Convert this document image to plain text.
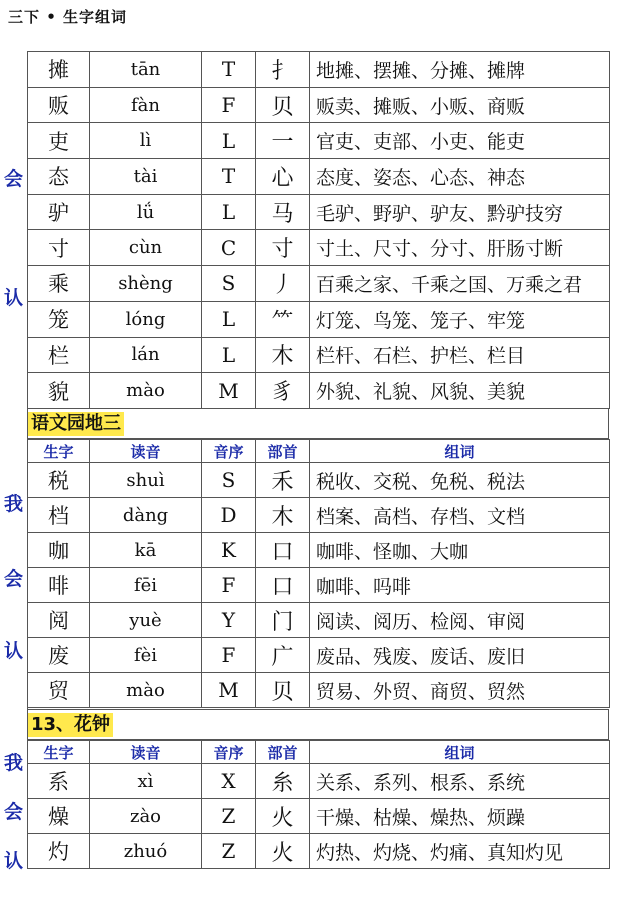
三下 • 生字组词
会
认
摊	tān	T	扌	地摊、摆摊、分摊、摊牌
贩	fàn	F	贝	贩卖、摊贩、小贩、商贩
吏	lì	L	一	官吏、吏部、小吏、能吏
态	tài	T	心	态度、姿态、心态、神态
驴	lǘ	L	马	毛驴、野驴、驴友、黔驴技穷
寸	cùn	C	寸	寸土、尺寸、分寸、肝肠寸断
乘	shèng	S	丿	百乘之家、千乘之国、万乘之君
笼	lóng	L	⺮	灯笼、鸟笼、笼子、牢笼
栏	lán	L	木	栏杆、石栏、护栏、栏目
貌	mào	M	豸	外貌、礼貌、风貌、美貌
语文园地三
我
会
认
生字	读音	音序	部首	组词
税	shuì	S	禾	税收、交税、免税、税法
档	dàng	D	木	档案、高档、存档、文档
咖	kā	K	口	咖啡、怪咖、大咖
啡	fēi	F	口	咖啡、吗啡
阅	yuè	Y	门	阅读、阅历、检阅、审阅
废	fèi	F	广	废品、残废、废话、废旧
贸	mào	M	贝	贸易、外贸、商贸、贸然
13、花钟
我
会
认
生字	读音	音序	部首	组词
系	xì	X	糸	关系、系列、根系、系统
燥	zào	Z	火	干燥、枯燥、燥热、烦躁
灼	zhuó	Z	火	灼热、灼烧、灼痛、真知灼见
